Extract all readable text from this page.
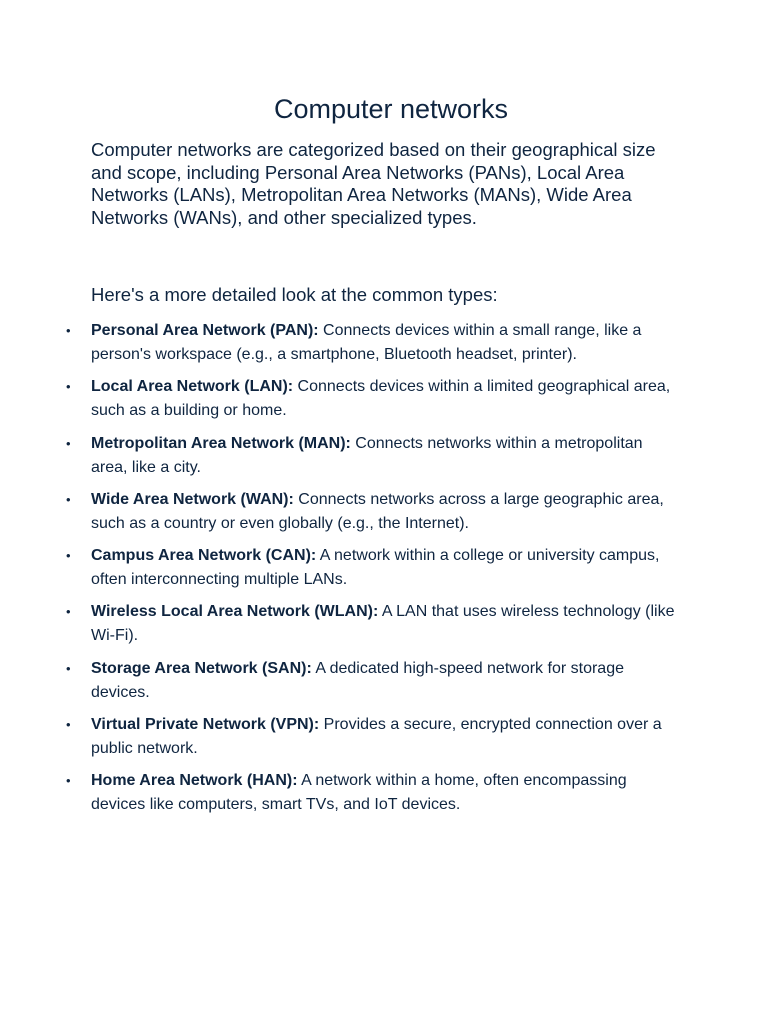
Computer networks

Computer networks are categorized based on their geographical size and scope, including Personal Area Networks (PANs), Local Area Networks (LANs), Metropolitan Area Networks (MANs), Wide Area Networks (WANs), and other specialized types.

Here's a more detailed look at the common types:

• Personal Area Network (PAN): Connects devices within a small range, like a person's workspace (e.g., a smartphone, Bluetooth headset, printer).
• Local Area Network (LAN): Connects devices within a limited geographical area, such as a building or home.
• Metropolitan Area Network (MAN): Connects networks within a metropolitan area, like a city.
• Wide Area Network (WAN): Connects networks across a large geographic area, such as a country or even globally (e.g., the Internet).
• Campus Area Network (CAN): A network within a college or university campus, often interconnecting multiple LANs.
• Wireless Local Area Network (WLAN): A LAN that uses wireless technology (like Wi-Fi).
• Storage Area Network (SAN): A dedicated high-speed network for storage devices.
• Virtual Private Network (VPN): Provides a secure, encrypted connection over a public network.
• Home Area Network (HAN): A network within a home, often encompassing devices like computers, smart TVs, and IoT devices.
